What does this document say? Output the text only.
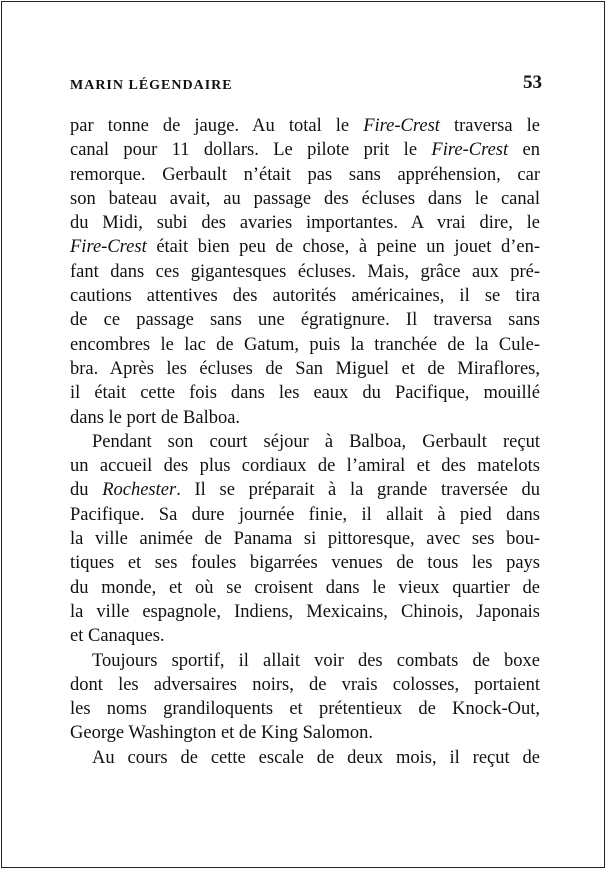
MARIN LÉGENDAIRE	53
par tonne de jauge. Au total le Fire-Crest traversa le
canal pour 11 dollars. Le pilote prit le Fire-Crest en
remorque. Gerbault n’était pas sans appréhension, car
son bateau avait, au passage des écluses dans le canal
du Midi, subi des avaries importantes. A vrai dire, le
Fire-Crest était bien peu de chose, à peine un jouet d’en-
fant dans ces gigantesques écluses. Mais, grâce aux pré-
cautions attentives des autorités américaines, il se tira
de ce passage sans une égratignure. Il traversa sans
encombres le lac de Gatum, puis la tranchée de la Cule-
bra. Après les écluses de San Miguel et de Miraflores,
il était cette fois dans les eaux du Pacifique, mouillé
dans le port de Balboa.
Pendant son court séjour à Balboa, Gerbault reçut
un accueil des plus cordiaux de l’amiral et des matelots
du Rochester. Il se préparait à la grande traversée du
Pacifique. Sa dure journée finie, il allait à pied dans
la ville animée de Panama si pittoresque, avec ses bou-
tiques et ses foules bigarrées venues de tous les pays
du monde, et où se croisent dans le vieux quartier de
la ville espagnole, Indiens, Mexicains, Chinois, Japonais
et Canaques.
Toujours sportif, il allait voir des combats de boxe
dont les adversaires noirs, de vrais colosses, portaient
les noms grandiloquents et prétentieux de Knock-Out,
George Washington et de King Salomon.
Au cours de cette escale de deux mois, il reçut de
